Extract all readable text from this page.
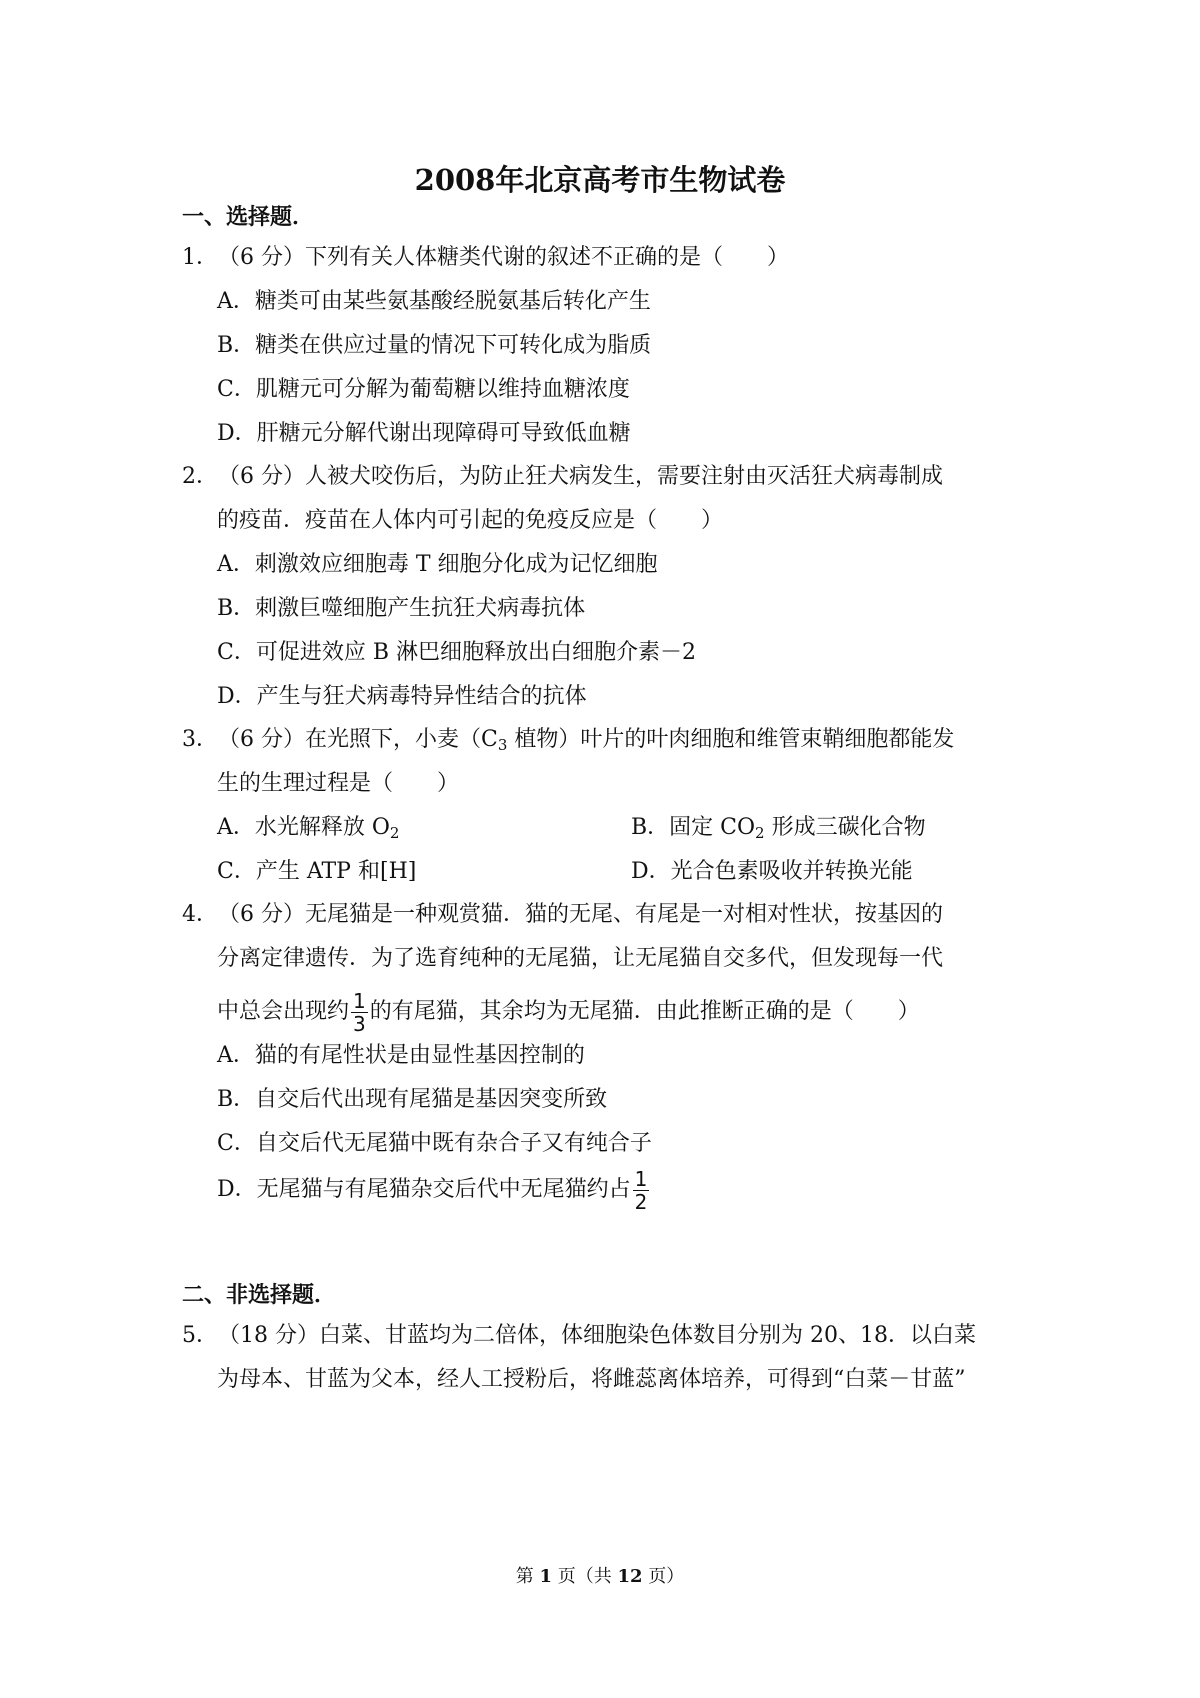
2008年北京高考市生物试卷
一、选择题．
1．（6 分）下列有关人体糖类代谢的叙述不正确的是（　　）
A．糖类可由某些氨基酸经脱氨基后转化产生
B．糖类在供应过量的情况下可转化成为脂质
C．肌糖元可分解为葡萄糖以维持血糖浓度
D．肝糖元分解代谢出现障碍可导致低血糖
2．（6 分）人被犬咬伤后，为防止狂犬病发生，需要注射由灭活狂犬病毒制成
的疫苗．疫苗在人体内可引起的免疫反应是（　　）
A．刺激效应细胞毒 T 细胞分化成为记忆细胞
B．刺激巨噬细胞产生抗狂犬病毒抗体
C．可促进效应 B 淋巴细胞释放出白细胞介素－2
D．产生与狂犬病毒特异性结合的抗体
3．（6 分）在光照下，小麦（$C_3$ 植物）叶片的叶肉细胞和维管束鞘细胞都能发
生的生理过程是（　　）
A．水光解释放 $O_2$	B．固定 $CO_2$ 形成三碳化合物
C．产生 ATP 和[H]	D．光合色素吸收并转换光能
4．（6 分）无尾猫是一种观赏猫．猫的无尾、有尾是一对相对性状，按基因的
分离定律遗传．为了选育纯种的无尾猫，让无尾猫自交多代，但发现每一代
中总会出现约 $\frac{1}{3}$ 的有尾猫，其余均为无尾猫．由此推断正确的是（　　）
A．猫的有尾性状是由显性基因控制的
B．自交后代出现有尾猫是基因突变所致
C．自交后代无尾猫中既有杂合子又有纯合子
D．无尾猫与有尾猫杂交后代中无尾猫约占 $\frac{1}{2}$
二、非选择题．
5．（18 分）白菜、甘蓝均为二倍体，体细胞染色体数目分别为 20、18．以白菜
为母本、甘蓝为父本，经人工授粉后，将雌蕊离体培养，可得到“白菜－甘蓝”
第 1 页（共 12 页）
